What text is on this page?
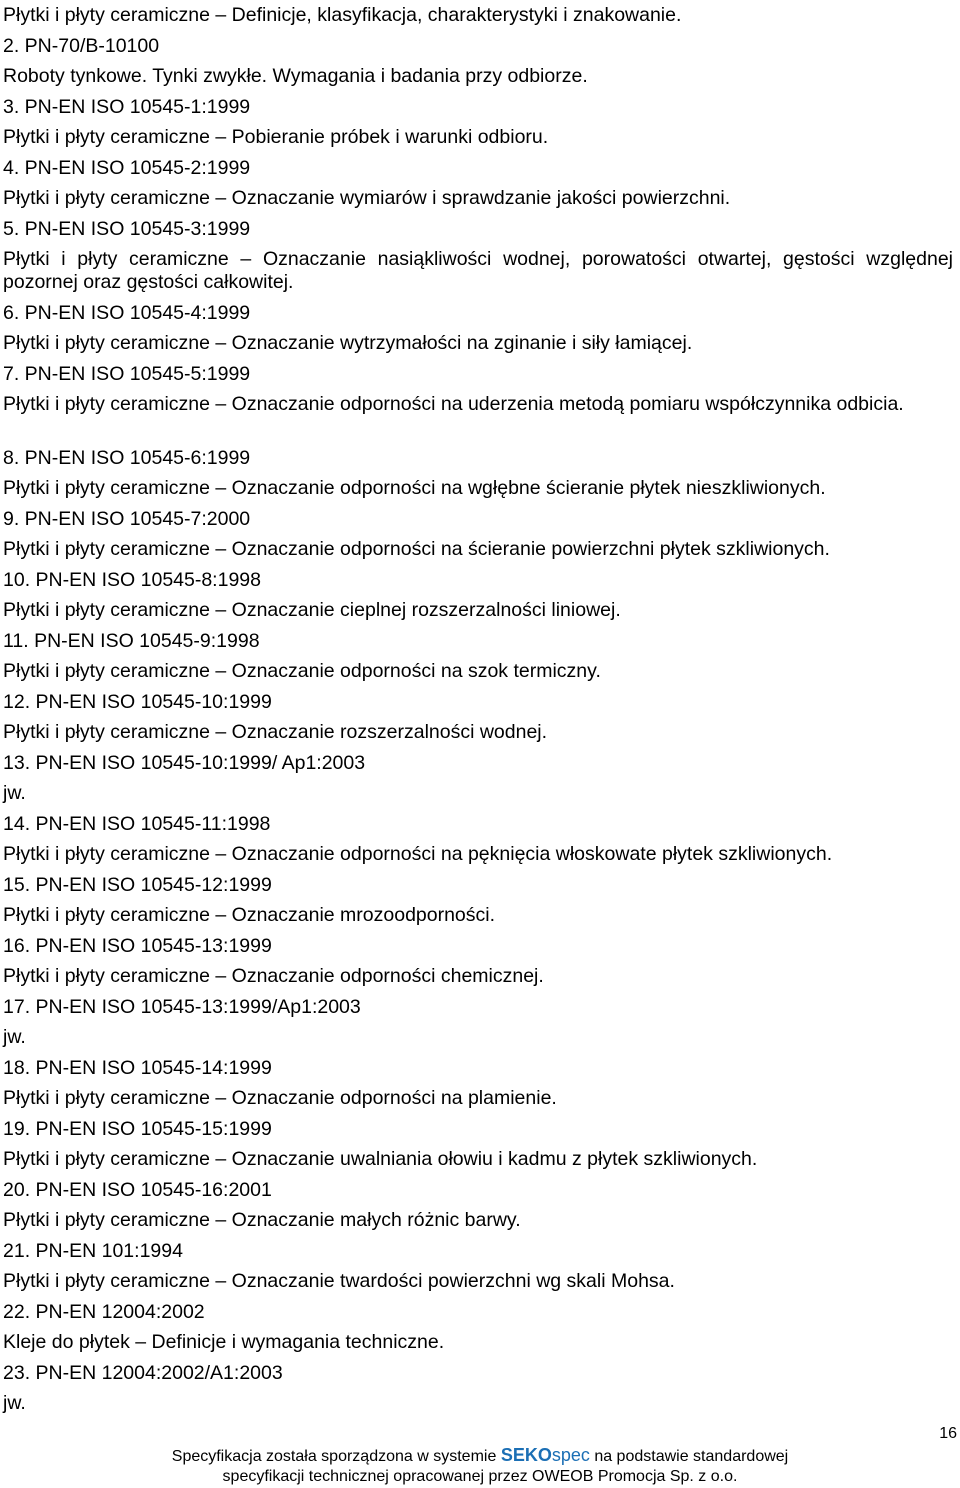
Płytki i płyty ceramiczne – Definicje, klasyfikacja, charakterystyki i znakowanie.
2. PN-70/B-10100
Roboty tynkowe. Tynki zwykłe. Wymagania i badania przy odbiorze.
3. PN-EN ISO 10545-1:1999
Płytki i płyty ceramiczne – Pobieranie próbek i warunki odbioru.
4. PN-EN ISO 10545-2:1999
Płytki i płyty ceramiczne – Oznaczanie wymiarów i sprawdzanie jakości powierzchni.
5. PN-EN ISO 10545-3:1999
Płytki i płyty ceramiczne – Oznaczanie nasiąkliwości wodnej, porowatości otwartej, gęstości względnej pozornej oraz gęstości całkowitej.
6. PN-EN ISO 10545-4:1999
Płytki i płyty ceramiczne – Oznaczanie wytrzymałości na zginanie i siły łamiącej.
7. PN-EN ISO 10545-5:1999
Płytki i płyty ceramiczne – Oznaczanie odporności na uderzenia metodą pomiaru współczynnika odbicia.
8. PN-EN ISO 10545-6:1999
Płytki i płyty ceramiczne – Oznaczanie odporności na wgłębne ścieranie płytek nieszkliwionych.
9. PN-EN ISO 10545-7:2000
Płytki i płyty ceramiczne – Oznaczanie odporności na ścieranie powierzchni płytek szkliwionych.
10. PN-EN ISO 10545-8:1998
Płytki i płyty ceramiczne – Oznaczanie cieplnej rozszerzalności liniowej.
11. PN-EN ISO 10545-9:1998
Płytki i płyty ceramiczne – Oznaczanie odporności na szok termiczny.
12. PN-EN ISO 10545-10:1999
Płytki i płyty ceramiczne – Oznaczanie rozszerzalności wodnej.
13. PN-EN ISO 10545-10:1999/ Ap1:2003
jw.
14. PN-EN ISO 10545-11:1998
Płytki i płyty ceramiczne – Oznaczanie odporności na pęknięcia włoskowate płytek szkliwionych.
15. PN-EN ISO 10545-12:1999
Płytki i płyty ceramiczne – Oznaczanie mrozoodporności.
16. PN-EN ISO 10545-13:1999
Płytki i płyty ceramiczne – Oznaczanie odporności chemicznej.
17. PN-EN ISO 10545-13:1999/Ap1:2003
jw.
18. PN-EN ISO 10545-14:1999
Płytki i płyty ceramiczne – Oznaczanie odporności na plamienie.
19. PN-EN ISO 10545-15:1999
Płytki i płyty ceramiczne – Oznaczanie uwalniania ołowiu i kadmu z płytek szkliwionych.
20. PN-EN ISO 10545-16:2001
Płytki i płyty ceramiczne – Oznaczanie małych różnic barwy.
21. PN-EN 101:1994
Płytki i płyty ceramiczne – Oznaczanie twardości powierzchni wg skali Mohsa.
22. PN-EN 12004:2002
Kleje do płytek – Definicje i wymagania techniczne.
23. PN-EN 12004:2002/A1:2003
jw.
16
Specyfikacja została sporządzona w systemie SEKOspec na podstawie standardowej
specyfikacji technicznej opracowanej przez OWEOB Promocja Sp. z o.o.
